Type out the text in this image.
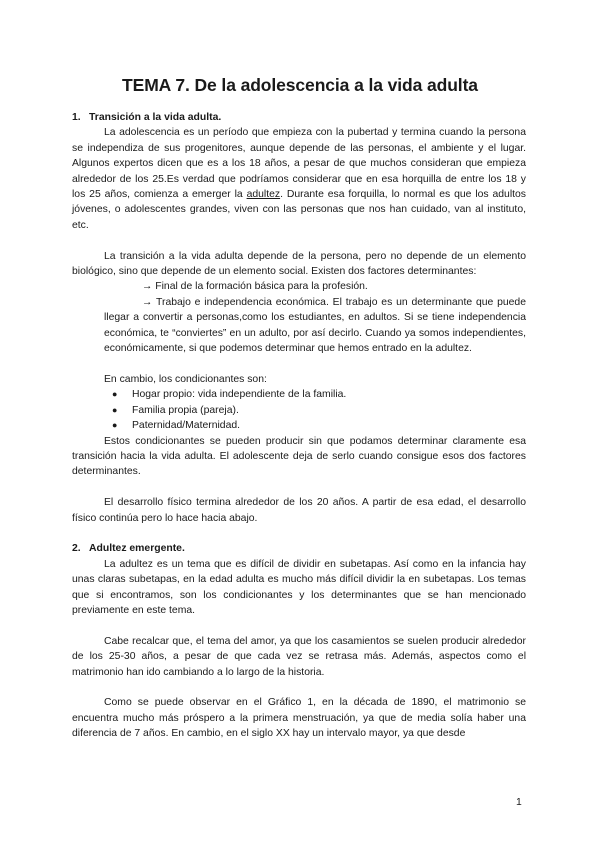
TEMA 7. De la adolescencia a la vida adulta

1. Transición a la vida adulta.

La adolescencia es un período que empieza con la pubertad y termina cuando la persona se independiza de sus progenitores, aunque depende de las personas, el ambiente y el lugar. Algunos expertos dicen que es a los 18 años, a pesar de que muchos consideran que empieza alrededor de los 25.Es verdad que podríamos considerar que en esa horquilla de entre los 18 y los 25 años, comienza a emerger la adultez. Durante esa forquilla, lo normal es que los adultos jóvenes, o adolescentes grandes, viven con las personas que nos han cuidado, van al instituto, etc.

La transición a la vida adulta depende de la persona, pero no depende de un elemento biológico, sino que depende de un elemento social. Existen dos factores determinantes:

→ Final de la formación básica para la profesión.

→ Trabajo e independencia económica. El trabajo es un determinante que puede llegar a convertir a personas,como los estudiantes, en adultos. Si se tiene independencia económica, te “conviertes” en un adulto, por así decirlo. Cuando ya somos independientes, económicamente, si que podemos determinar que hemos entrado en la adultez.

En cambio, los condicionantes son:

● Hogar propio: vida independiente de la familia.
● Familia propia (pareja).
● Paternidad/Maternidad.

Estos condicionantes se pueden producir sin que podamos determinar claramente esa transición hacia la vida adulta. El adolescente deja de serlo cuando consigue esos dos factores determinantes.

El desarrollo físico termina alrededor de los 20 años. A partir de esa edad, el desarrollo físico continúa pero lo hace hacia abajo.

2. Adultez emergente.

La adultez es un tema que es difícil de dividir en subetapas. Así como en la infancia hay unas claras subetapas, en la edad adulta es mucho más difícil dividir la en subetapas. Los temas que si encontramos, son los condicionantes y los determinantes que se han mencionado previamente en este tema.

Cabe recalcar que, el tema del amor, ya que los casamientos se suelen producir alrededor de los 25-30 años, a pesar de que cada vez se retrasa más. Además, aspectos como el matrimonio han ido cambiando a lo largo de la historia.

Como se puede observar en el Gráfico 1, en la década de 1890, el matrimonio se encuentra mucho más próspero a la primera menstruación, ya que de media solía haber una diferencia de 7 años. En cambio, en el siglo XX hay un intervalo mayor, ya que desde

1
